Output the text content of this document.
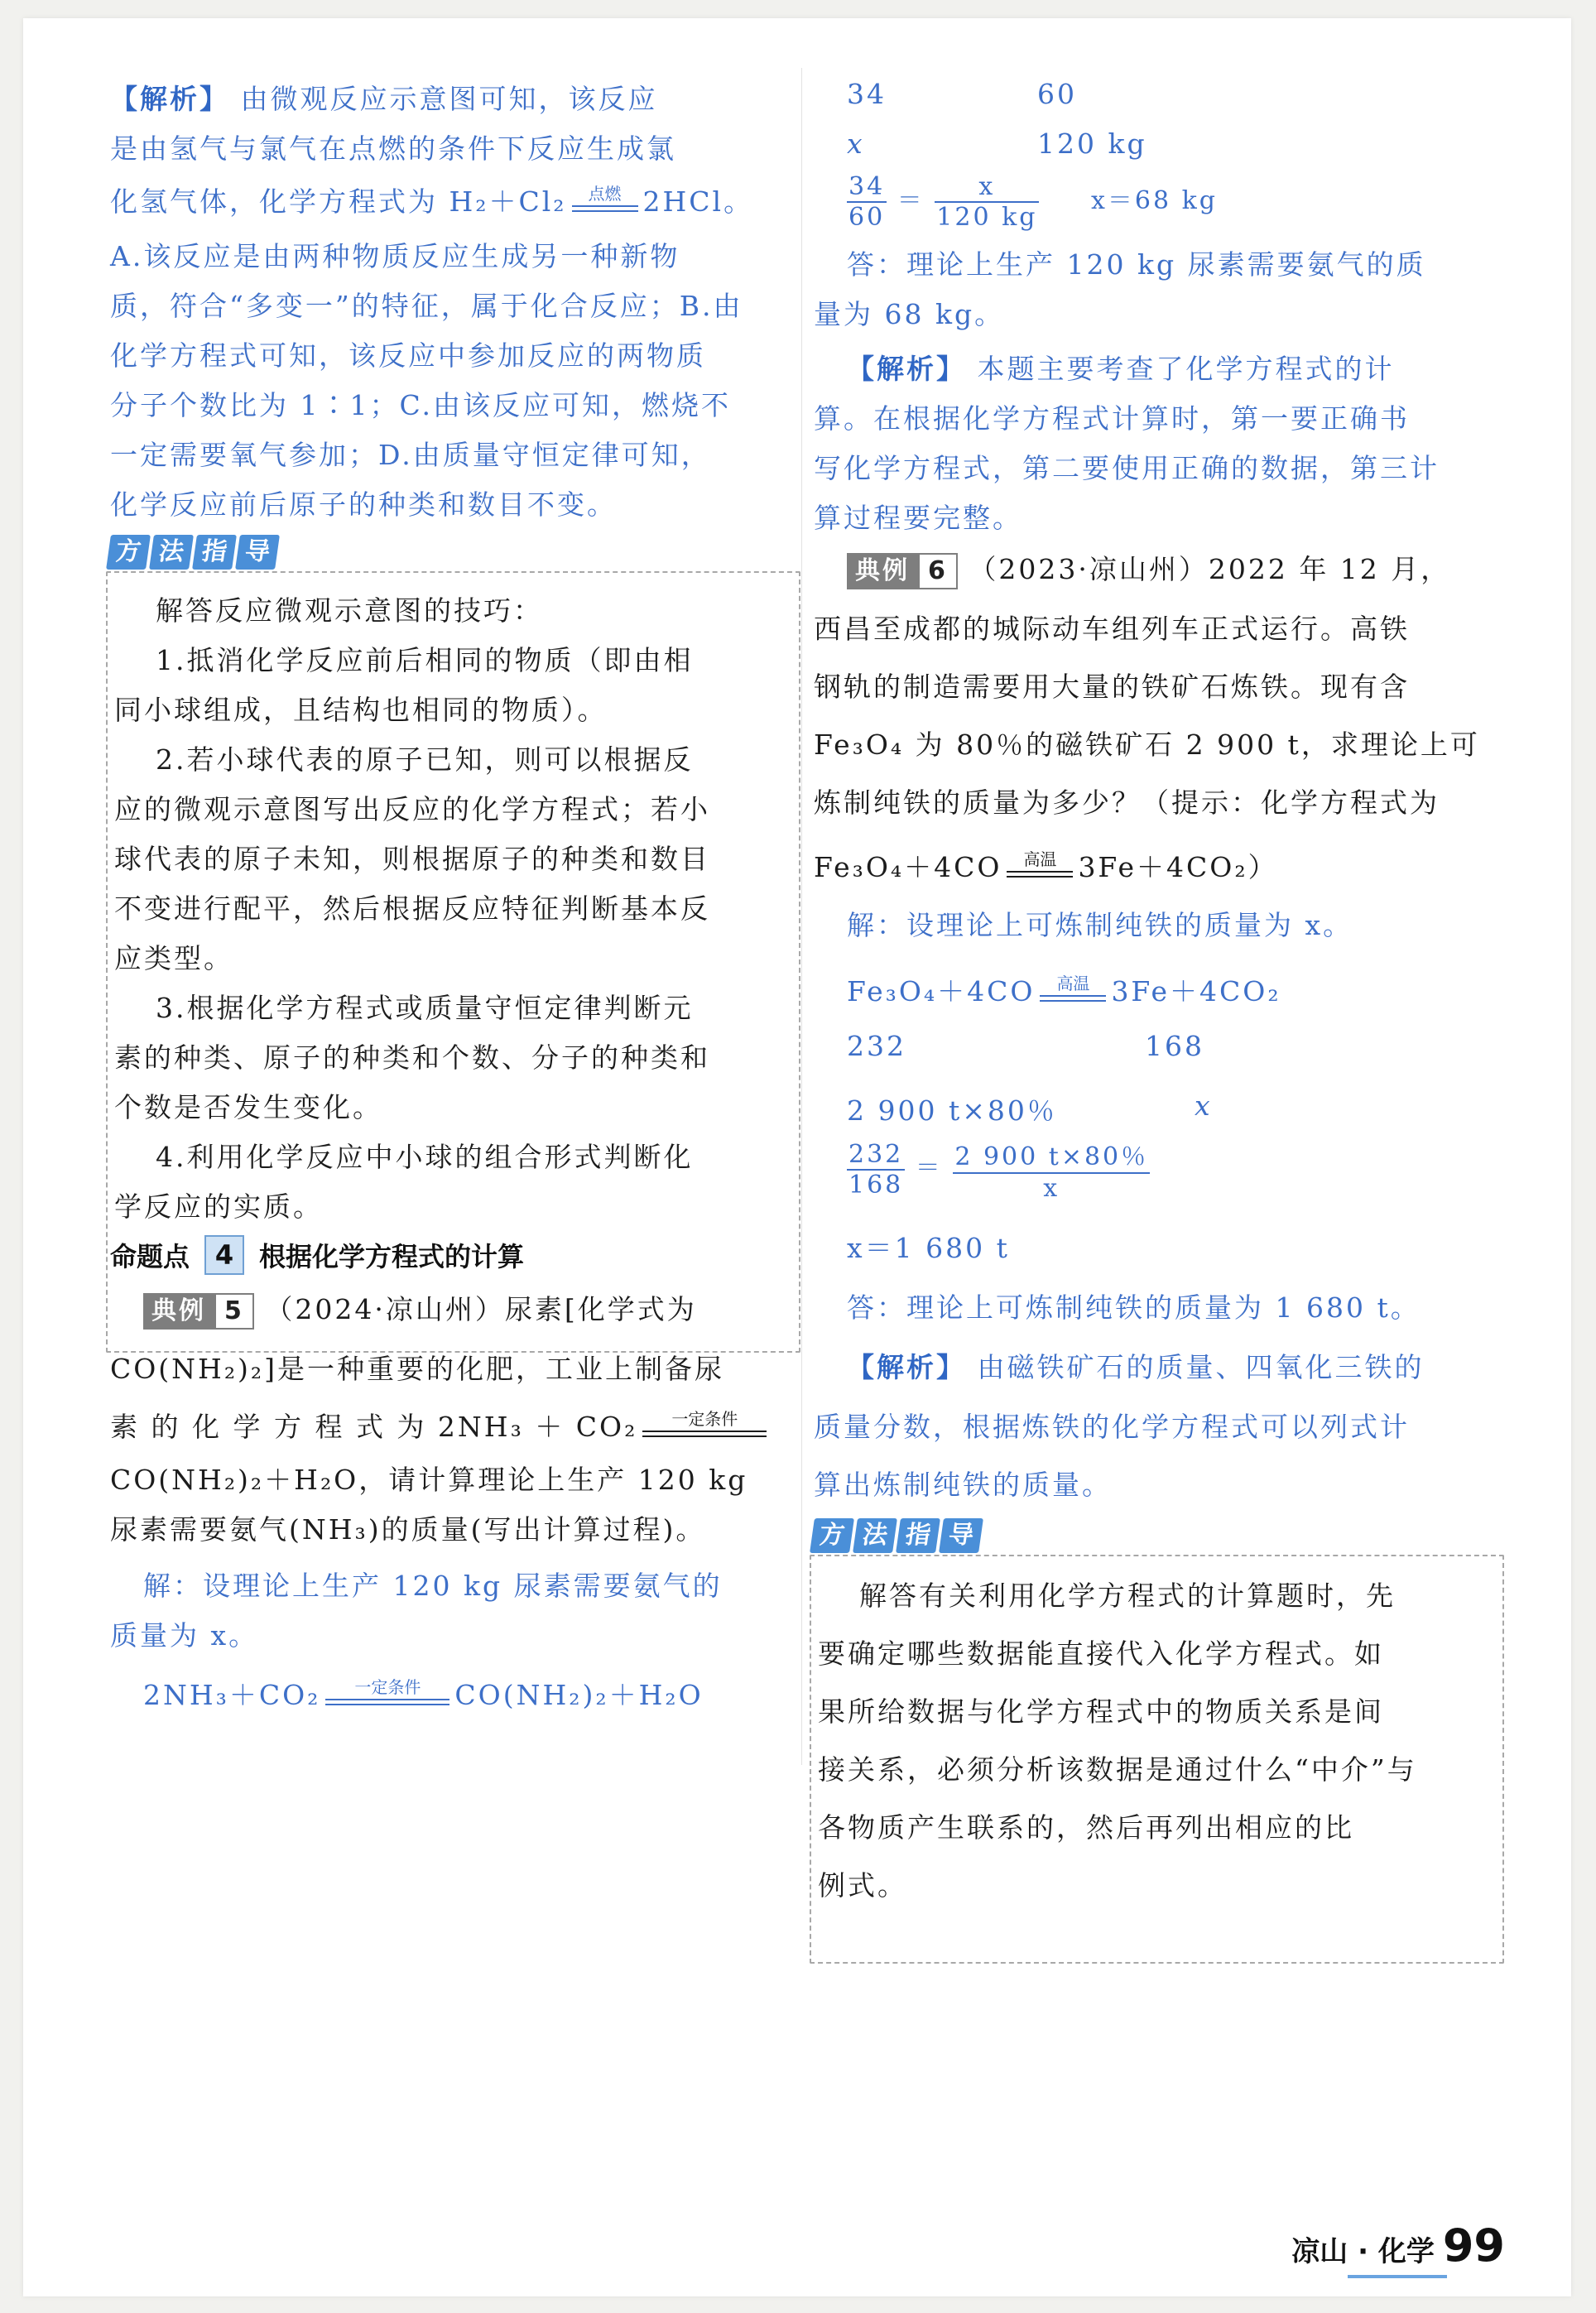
【解析】 由微观反应示意图可知，该反应
是由氢气与氯气在点燃的条件下反应生成氯
化氢气体，化学方程式为 H₂＋Cl₂	点燃 2HCl。
A.该反应是由两种物质反应生成另一种新物
质，符合“多变一”的特征，属于化合反应；B.由
化学方程式可知，该反应中参加反应的两物质
分子个数比为 1∶1；C.由该反应可知，燃烧不
一定需要氧气参加；D.由质量守恒定律可知，
化学反应前后原子的种类和数目不变。
方 法 指 导
解答反应微观示意图的技巧：
1.抵消化学反应前后相同的物质（即由相
同小球组成，且结构也相同的物质）。
2.若小球代表的原子已知，则可以根据反
应的微观示意图写出反应的化学方程式；若小
球代表的原子未知，则根据原子的种类和数目
不变进行配平，然后根据反应特征判断基本反
应类型。
3.根据化学方程式或质量守恒定律判断元
素的种类、原子的种类和个数、分子的种类和
个数是否发生变化。
4.利用化学反应中小球的组合形式判断化
学反应的实质。
命题点 4 根据化学方程式的计算
典例 5 （2024·凉山州）尿素[化学式为
CO(NH₂)₂]是一种重要的化肥，工业上制备尿
素 的 化 学 方 程 式 为 2NH₃ ＋ CO₂	一定条件
CO(NH₂)₂＋H₂O，请计算理论上生产 120 kg
尿素需要氨气(NH₃)的质量(写出计算过程)。
解：设理论上生产 120 kg 尿素需要氨气的
质量为 x。
2NH₃＋CO₂	一定条件	CO(NH₂)₂＋H₂O
34	60
x	120 kg
$\frac{34}{60} = \frac{x}{120 kg} x=68$ kg
答：理论上生产 120 kg 尿素需要氨气的质
量为 68 kg。
【解析】 本题主要考查了化学方程式的计
算。在根据化学方程式计算时，第一要正确书
写化学方程式，第二要使用正确的数据，第三计
算过程要完整。
典例 6 （2023·凉山州）2022 年 12 月，
西昌至成都的城际动车组列车正式运行。高铁
钢轨的制造需要用大量的铁矿石炼铁。现有含
Fe₃O₄ 为 80％的磁铁矿石 2 900 t，求理论上可
炼制纯铁的质量为多少？（提示：化学方程式为
Fe₃O₄＋4CO	高温 3Fe＋4CO₂）
解：设理论上可炼制纯铁的质量为 x。
Fe₃O₄＋4CO	高温 3Fe＋4CO₂
232	168
2 900 t×80％	x
$\frac{232}{168} = \frac{2 900 t\times 80\%}{x}$
x＝1 680 t
答：理论上可炼制纯铁的质量为 1 680 t。
【解析】 由磁铁矿石的质量、四氧化三铁的
质量分数，根据炼铁的化学方程式可以列式计
算出炼制纯铁的质量。
方 法 指 导
解答有关利用化学方程式的计算题时，先
要确定哪些数据能直接代入化学方程式。如
果所给数据与化学方程式中的物质关系是间
接关系，必须分析该数据是通过什么“中介”与
各物质产生联系的，然后再列出相应的比
例式。
凉山 · 化学 99
